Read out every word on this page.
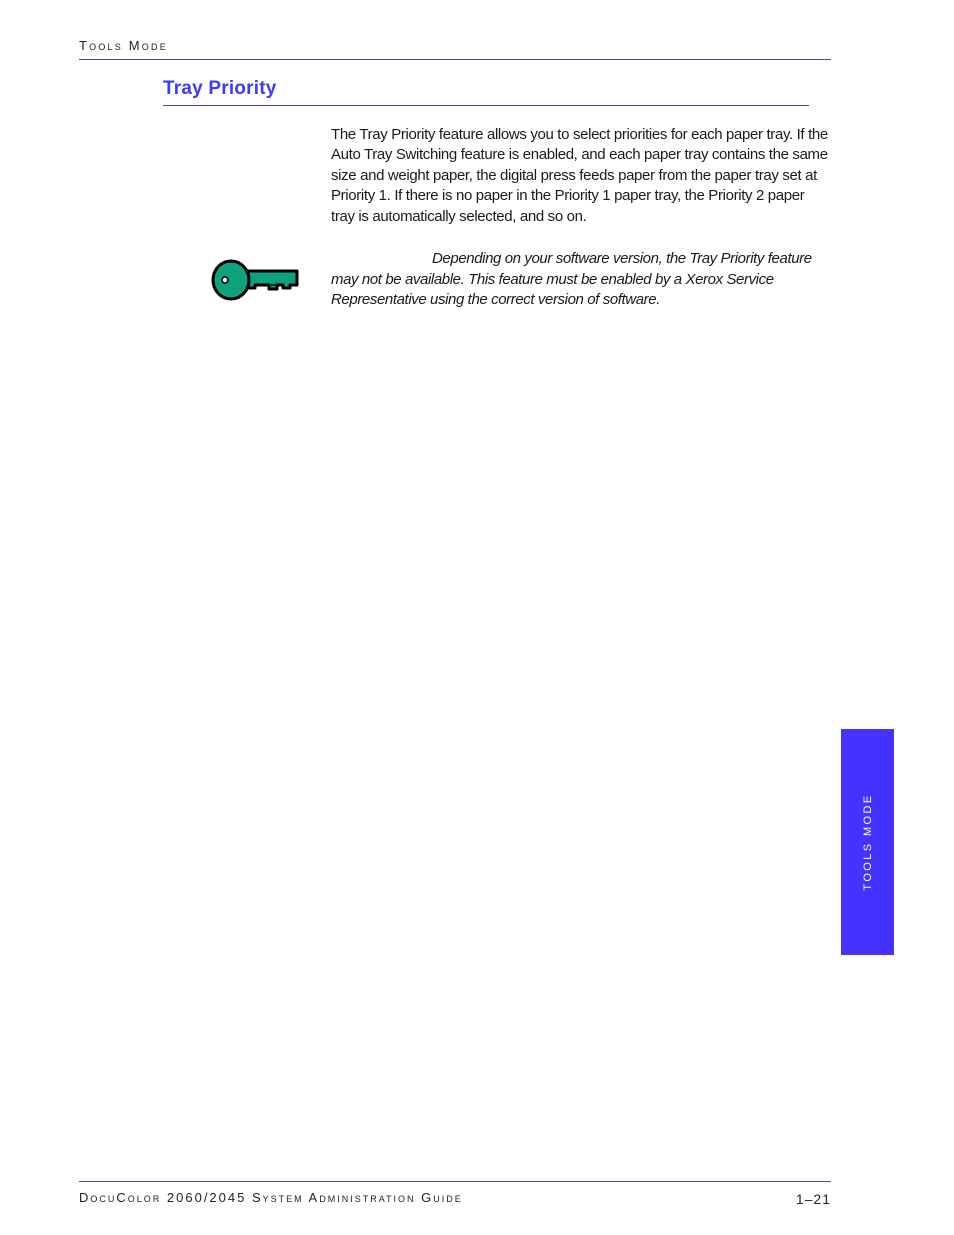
Tools Mode
Tray Priority

The Tray Priority feature allows you to select priorities for each paper tray. If the Auto Tray Switching feature is enabled, and each paper tray contains the same size and weight paper, the digital press feeds paper from the paper tray set at Priority 1. If there is no paper in the Priority 1 paper tray, the Priority 2 paper tray is automatically selected, and so on.

Depending on your software version, the Tray Priority feature may not be available. This feature must be enabled by a Xerox Service Representative using the correct version of software.

TOOLS MODE
DocuColor 2060/2045 System Administration Guide	1–21
